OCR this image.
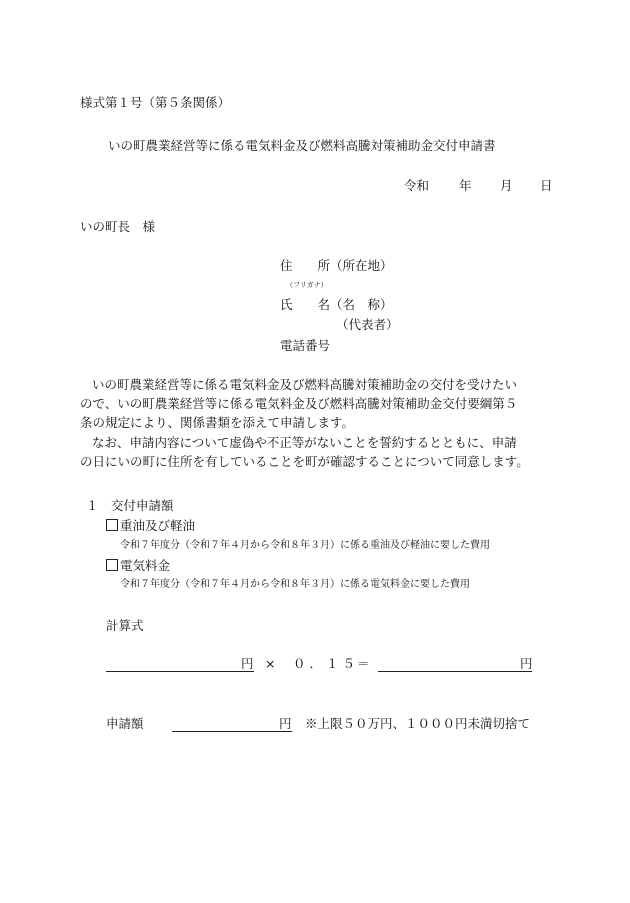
様式第１号（第５条関係）
いの町農業経営等に係る電気料金及び燃料高騰対策補助金交付申請書
令和 年 月 日
いの町長　様
住　　所（所在地）
（フリガナ）
氏　　名（名　称）
（代表者）
電話番号
いの町農業経営等に係る電気料金及び燃料高騰対策補助金の交付を受けたい
ので、いの町農業経営等に係る電気料金及び燃料高騰対策補助金交付要綱第５
条の規定により、関係書類を添えて申請します。
なお、申請内容について虚偽や不正等がないことを誓約するとともに、申請
の日にいの町に住所を有していることを町が確認することについて同意します。
１　交付申請額
重油及び軽油
令和７年度分（令和７年４月から令和８年３月）に係る重油及び軽油に要した費用
電気料金
令和７年度分（令和７年４月から令和８年３月）に係る電気料金に要した費用
計算式
円 × ０．１５
＝	円
申請額	円 ※上限５０万円、１０００円未満切捨て
